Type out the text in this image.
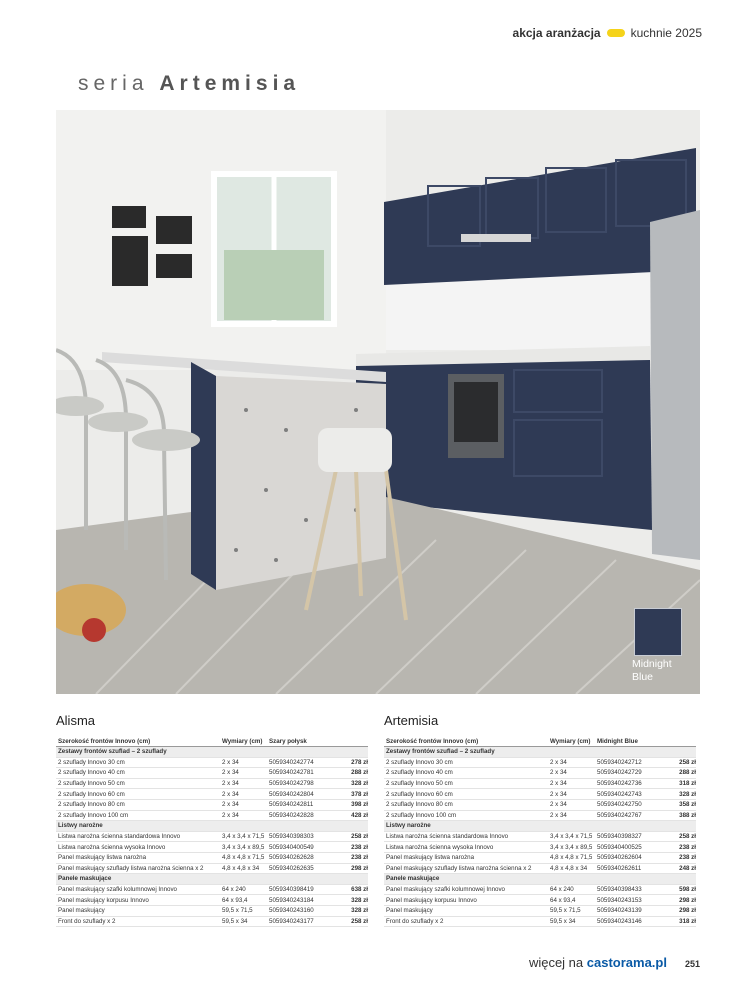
akcja aranżacja	kuchnie 2025
seria Artemisia
Midnight
Blue
Alisma
Szerokość frontów Innovo (cm)	Wymiary (cm)	Szary połysk
Zestawy frontów szuflad – 2 szuflady
2 szuflady Innovo 30 cm	2 x 34	5059340242774	278 zł
2 szuflady Innovo 40 cm	2 x 34	5059340242781	288 zł
2 szuflady Innovo 50 cm	2 x 34	5059340242798	328 zł
2 szuflady Innovo 60 cm	2 x 34	5059340242804	378 zł
2 szuflady Innovo 80 cm	2 x 34	5059340242811	398 zł
2 szuflady Innovo 100 cm	2 x 34	5059340242828	428 zł
Listwy narożne
Listwa narożna ścienna standardowa Innovo	3,4 x 3,4 x 71,5 5059340398303	258 zł
Listwa narożna ścienna wysoka Innovo	3,4 x 3,4 x 89,5 5059340400549	238 zł
Panel maskujący listwa narożna	4,8 x 4,8 x 71,5 5059340262628	238 zł
Panel maskujący szuflady listwa narożna ścienna x 2	4,8 x 4,8 x 34	5059340262635	298 zł
Panele maskujące
Panel maskujący szafki kolumnowej Innovo	64 x 240	5059340398419	638 zł
Panel maskujący korpusu Innovo	64 x 93,4	5059340243184	328 zł
Panel maskujący	59,5 x 71,5	5059340243160	328 zł
Front do szuflady x 2	59,5 x 34	5059340243177	258 zł
Artemisia
Szerokość frontów Innovo (cm)	Wymiary (cm)	Midnight Blue
Zestawy frontów szuflad – 2 szuflady
2 szuflady Innovo 30 cm	2 x 34	5059340242712	258 zł
2 szuflady Innovo 40 cm	2 x 34	5059340242729	288 zł
2 szuflady Innovo 50 cm	2 x 34	5059340242736	318 zł
2 szuflady Innovo 60 cm	2 x 34	5059340242743	328 zł
2 szuflady Innovo 80 cm	2 x 34	5059340242750	358 zł
2 szuflady Innovo 100 cm	2 x 34	5059340242767	388 zł
Listwy narożne
Listwa narożna ścienna standardowa Innovo	3,4 x 3,4 x 71,5 5059340398327	258 zł
Listwa narożna ścienna wysoka Innovo	3,4 x 3,4 x 89,5 5059340400525	238 zł
Panel maskujący listwa narożna	4,8 x 4,8 x 71,5 5059340262604	238 zł
Panel maskujący szuflady listwa narożna ścienna x 2	4,8 x 4,8 x 34	5059340262611	248 zł
Panele maskujące
Panel maskujący szafki kolumnowej Innovo	64 x 240	5059340398433	598 zł
Panel maskujący korpusu Innovo	64 x 93,4	5059340243153	298 zł
Panel maskujący	59,5 x 71,5	5059340243139	298 zł
Front do szuflady x 2	59,5 x 34	5059340243146	318 zł
więcej na castorama.pl 251
